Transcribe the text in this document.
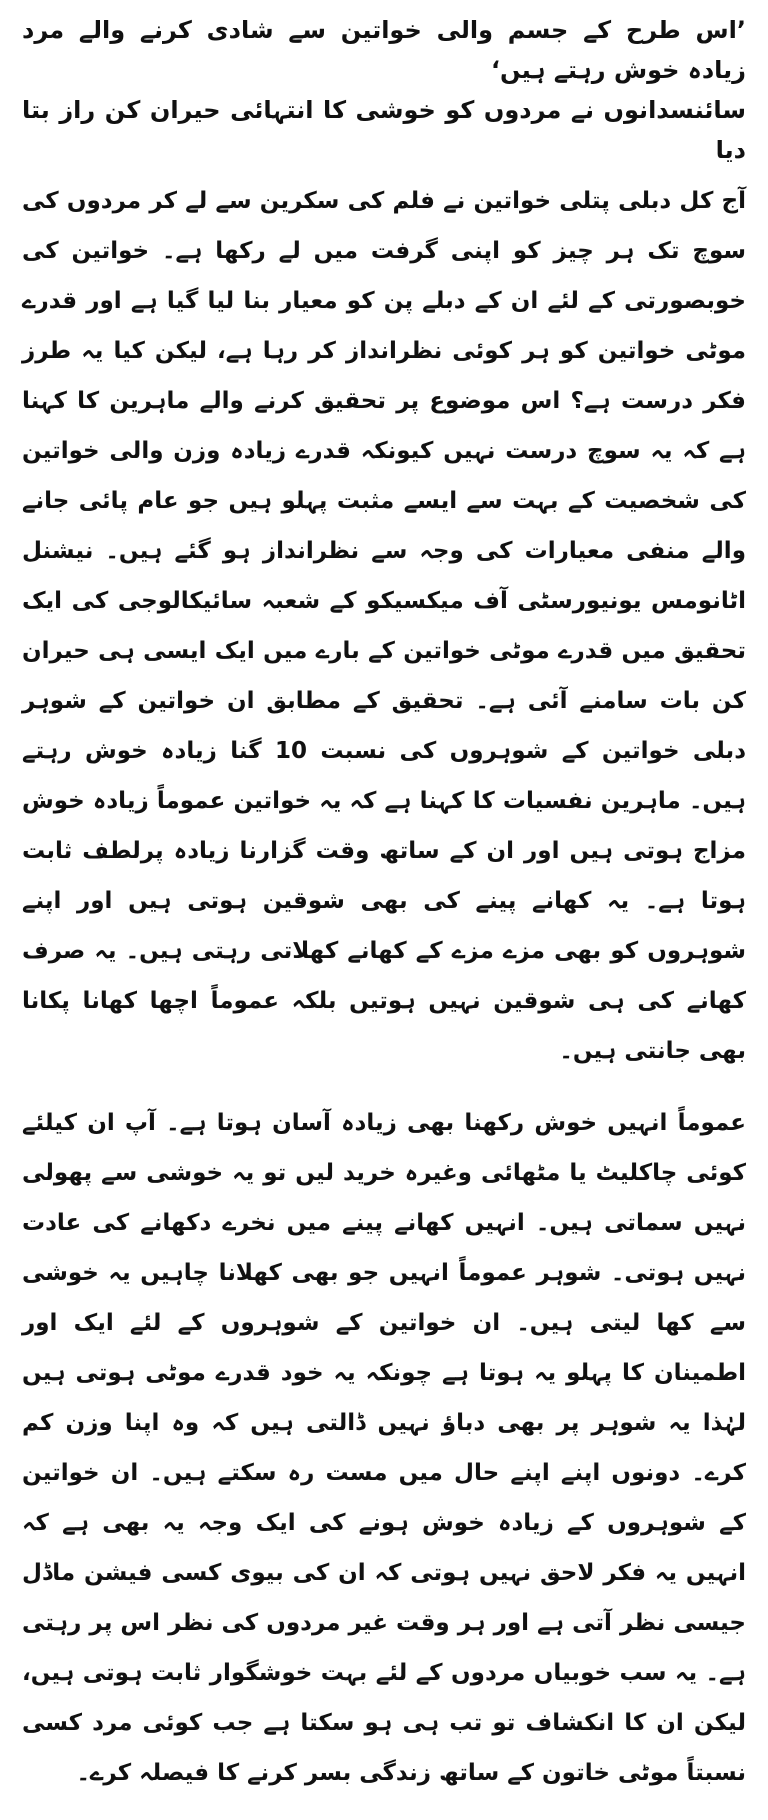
’اس طرح کے جسم والی خواتین سے شادی کرنے والے مرد زیادہ خوش رہتے ہیں‘
سائنسدانوں نے مردوں کو خوشی کا انتہائی حیران کن راز بتا دیا

آج کل دبلی پتلی خواتین نے فلم کی سکرین سے لے کر مردوں کی سوچ تک ہر چیز کو اپنی گرفت میں لے رکھا ہے۔ خواتین کی خوبصورتی کے لئے ان کے دبلے پن کو معیار بنا لیا گیا ہے اور قدرے موٹی خواتین کو ہر کوئی نظرانداز کر رہا ہے، لیکن کیا یہ طرز فکر درست ہے؟ اس موضوع پر تحقیق کرنے والے ماہرین کا کہنا ہے کہ یہ سوچ درست نہیں کیونکہ قدرے زیادہ وزن والی خواتین کی شخصیت کے بہت سے ایسے مثبت پہلو ہیں جو عام پائی جانے والے منفی معیارات کی وجہ سے نظرانداز ہو گئے ہیں۔ نیشنل اٹانومس یونیورسٹی آف میکسیکو کے شعبہ سائیکالوجی کی ایک تحقیق میں قدرے موٹی خواتین کے بارے میں ایک ایسی ہی حیران کن بات سامنے آئی ہے۔ تحقیق کے مطابق ان خواتین کے شوہر دبلی خواتین کے شوہروں کی نسبت 10 گنا زیادہ خوش رہتے ہیں۔ ماہرین نفسیات کا کہنا ہے کہ یہ خواتین عموماً زیادہ خوش مزاج ہوتی ہیں اور ان کے ساتھ وقت گزارنا زیادہ پرلطف ثابت ہوتا ہے۔ یہ کھانے پینے کی بھی شوقین ہوتی ہیں اور اپنے شوہروں کو بھی مزے مزے کے کھانے کھلاتی رہتی ہیں۔ یہ صرف کھانے کی ہی شوقین نہیں ہوتیں بلکہ عموماً اچھا کھانا پکانا بھی جانتی ہیں۔

عموماً انہیں خوش رکھنا بھی زیادہ آسان ہوتا ہے۔ آپ ان کیلئے کوئی چاکلیٹ یا مٹھائی وغیرہ خرید لیں تو یہ خوشی سے پھولی نہیں سماتی ہیں۔ انہیں کھانے پینے میں نخرے دکھانے کی عادت نہیں ہوتی۔ شوہر عموماً انہیں جو بھی کھلانا چاہیں یہ خوشی سے کھا لیتی ہیں۔ ان خواتین کے شوہروں کے لئے ایک اور اطمینان کا پہلو یہ ہوتا ہے چونکہ یہ خود قدرے موٹی ہوتی ہیں لہٰذا یہ شوہر پر بھی دباؤ نہیں ڈالتی ہیں کہ وہ اپنا وزن کم کرے۔ دونوں اپنے اپنے حال میں مست رہ سکتے ہیں۔ ان خواتین کے شوہروں کے زیادہ خوش ہونے کی ایک وجہ یہ بھی ہے کہ انہیں یہ فکر لاحق نہیں ہوتی کہ ان کی بیوی کسی فیشن ماڈل جیسی نظر آتی ہے اور ہر وقت غیر مردوں کی نظر اس پر رہتی ہے۔ یہ سب خوبیاں مردوں کے لئے بہت خوشگوار ثابت ہوتی ہیں، لیکن ان کا انکشاف تو تب ہی ہو سکتا ہے جب کوئی مرد کسی نسبتاً موٹی خاتون کے ساتھ زندگی بسر کرنے کا فیصلہ کرے۔
